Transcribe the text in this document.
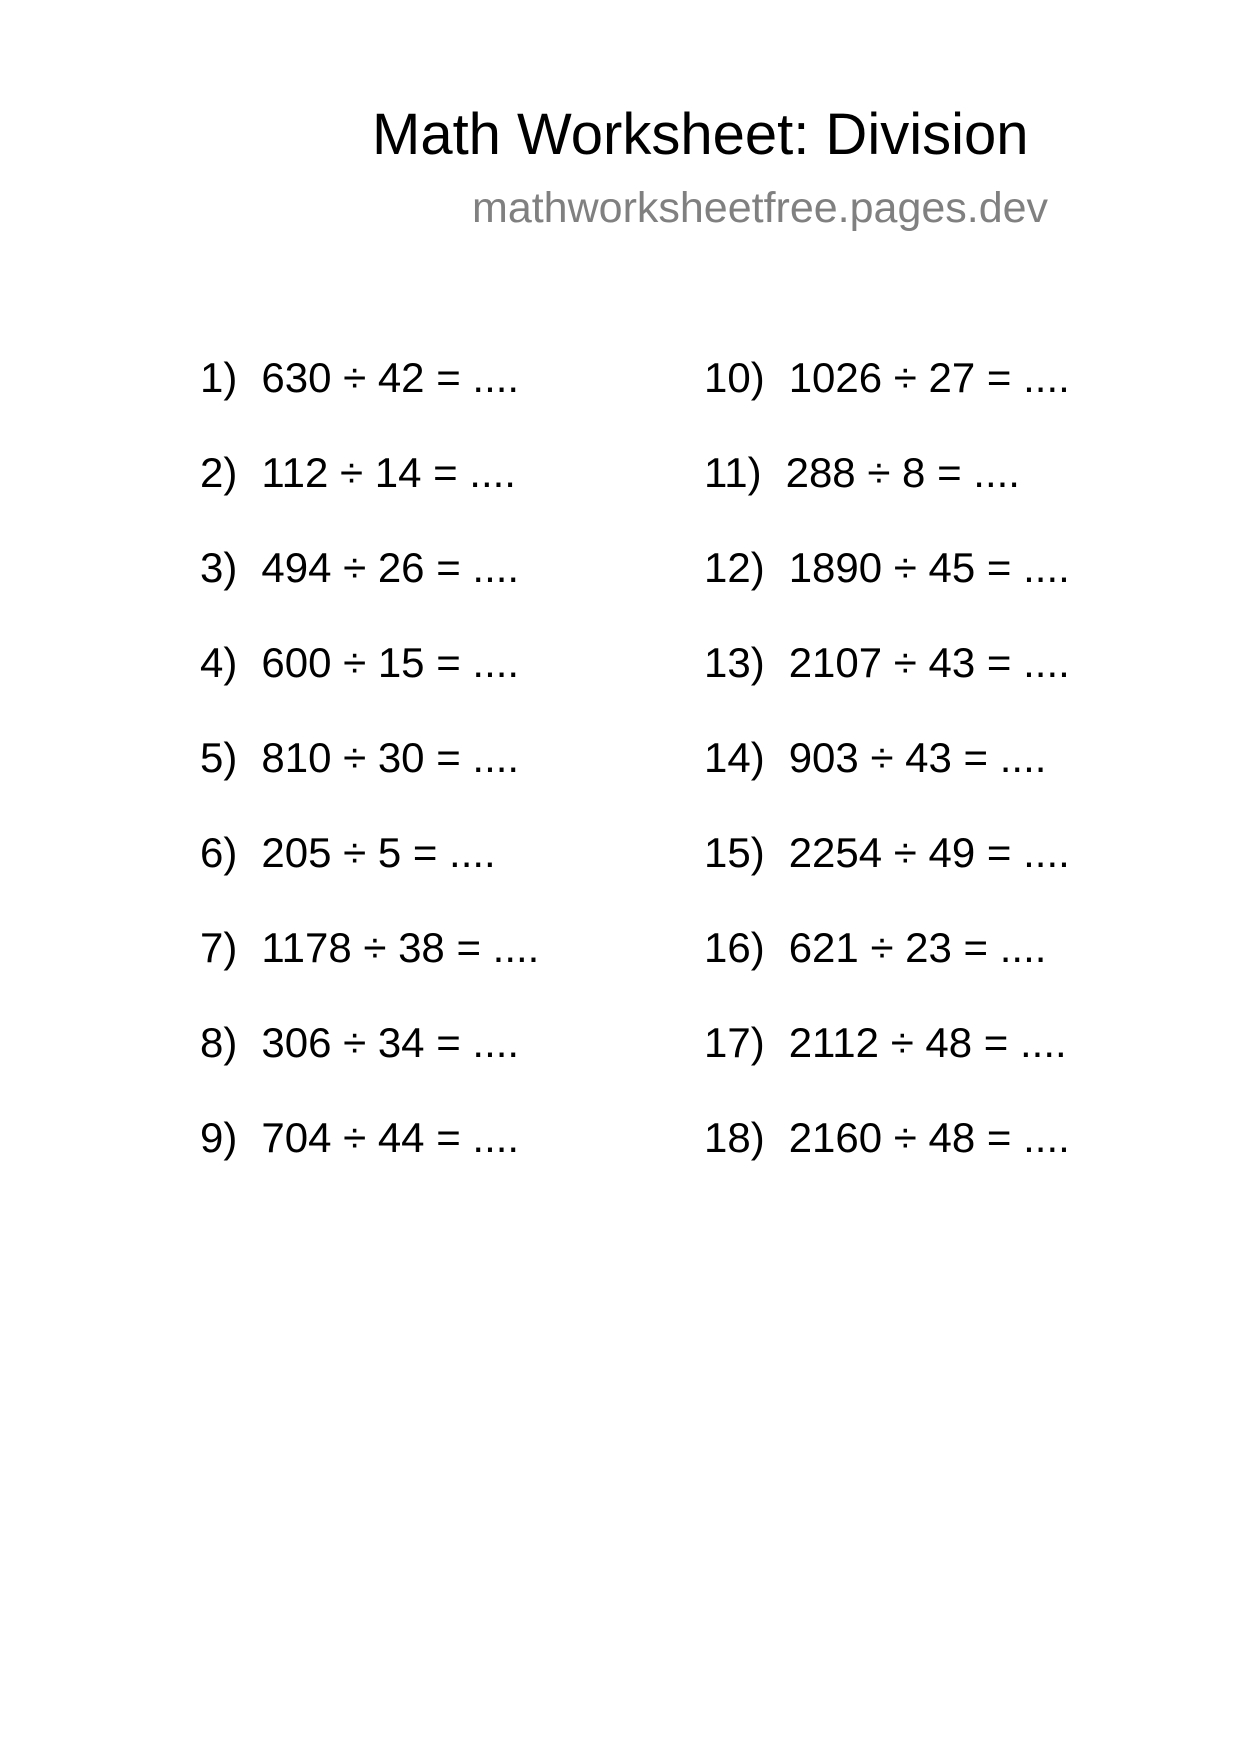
Math Worksheet: Division
mathworksheetfree.pages.dev
1) 630 ÷ 42 = ....
2) 112 ÷ 14 = ....
3) 494 ÷ 26 = ....
4) 600 ÷ 15 = ....
5) 810 ÷ 30 = ....
6) 205 ÷ 5 = ....
7) 1178 ÷ 38 = ....
8) 306 ÷ 34 = ....
9) 704 ÷ 44 = ....
10) 1026 ÷ 27 = ....
11) 288 ÷ 8 = ....
12) 1890 ÷ 45 = ....
13) 2107 ÷ 43 = ....
14) 903 ÷ 43 = ....
15) 2254 ÷ 49 = ....
16) 621 ÷ 23 = ....
17) 2112 ÷ 48 = ....
18) 2160 ÷ 48 = ....
